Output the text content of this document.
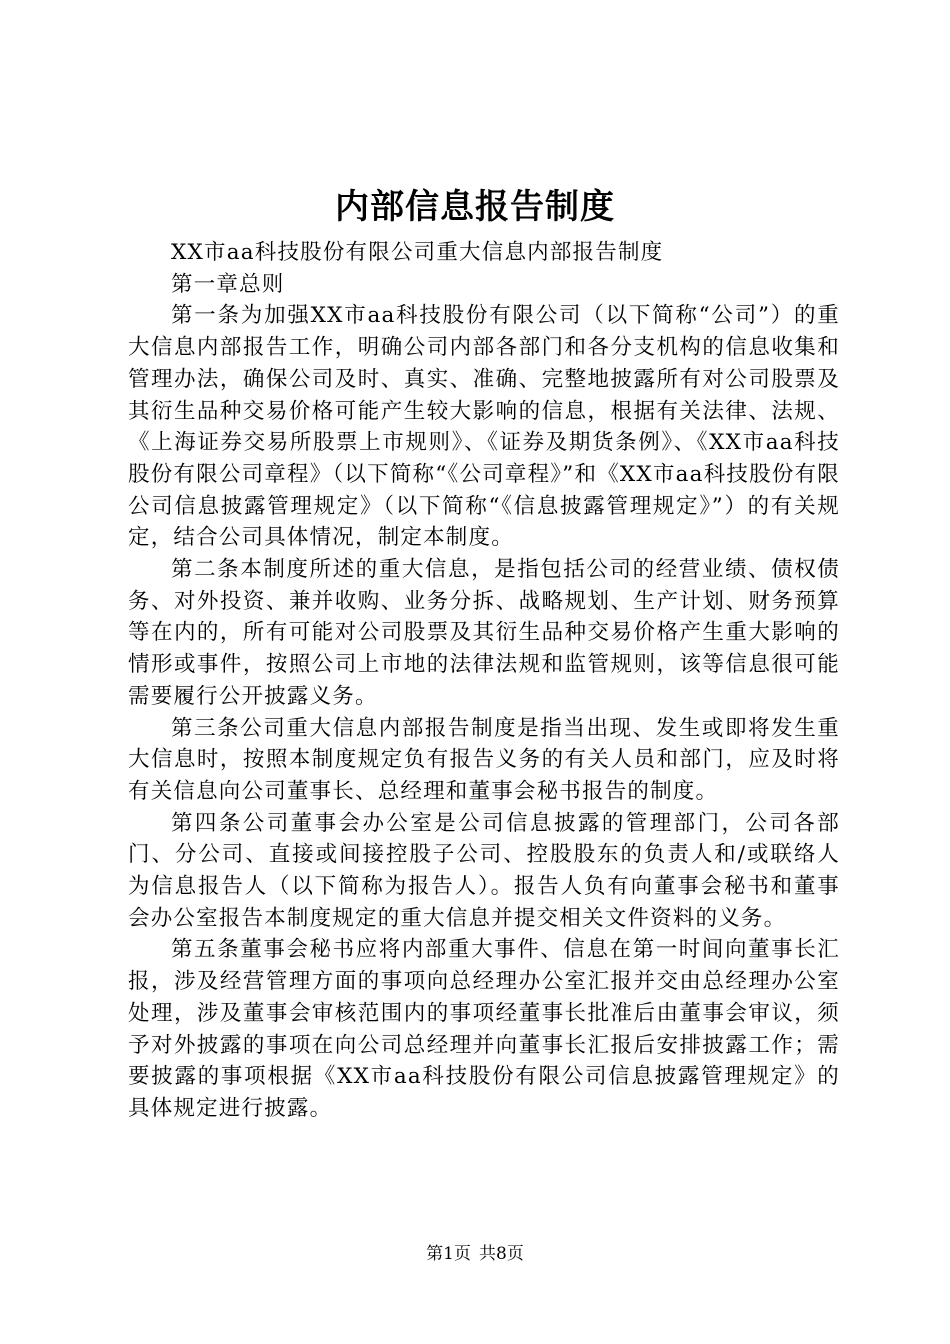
内部信息报告制度

XX市aa科技股份有限公司重大信息内部报告制度

第一章总则

第一条为加强XX市aa科技股份有限公司（以下简称“公司”）的重大信息内部报告工作，明确公司内部各部门和各分支机构的信息收集和管理办法，确保公司及时、真实、准确、完整地披露所有对公司股票及其衍生品种交易价格可能产生较大影响的信息，根据有关法律、法规、《上海证券交易所股票上市规则》、《证券及期货条例》、《XX市aa科技股份有限公司章程》（以下简称“《公司章程》”和《XX市aa科技股份有限公司信息披露管理规定》（以下简称“《信息披露管理规定》”）的有关规定，结合公司具体情况，制定本制度。

第二条本制度所述的重大信息，是指包括公司的经营业绩、债权债务、对外投资、兼并收购、业务分拆、战略规划、生产计划、财务预算等在内的，所有可能对公司股票及其衍生品种交易价格产生重大影响的情形或事件，按照公司上市地的法律法规和监管规则，该等信息很可能需要履行公开披露义务。

第三条公司重大信息内部报告制度是指当出现、发生或即将发生重大信息时，按照本制度规定负有报告义务的有关人员和部门，应及时将有关信息向公司董事长、总经理和董事会秘书报告的制度。

第四条公司董事会办公室是公司信息披露的管理部门，公司各部门、分公司、直接或间接控股子公司、控股股东的负责人和/或联络人为信息报告人（以下简称为报告人）。报告人负有向董事会秘书和董事会办公室报告本制度规定的重大信息并提交相关文件资料的义务。

第五条董事会秘书应将内部重大事件、信息在第一时间向董事长汇报，涉及经营管理方面的事项向总经理办公室汇报并交由总经理办公室处理，涉及董事会审核范围内的事项经董事长批准后由董事会审议，须予对外披露的事项在向公司总经理并向董事长汇报后安排披露工作；需要披露的事项根据《XX市aa科技股份有限公司信息披露管理规定》的具体规定进行披露。

第1页 共8页
